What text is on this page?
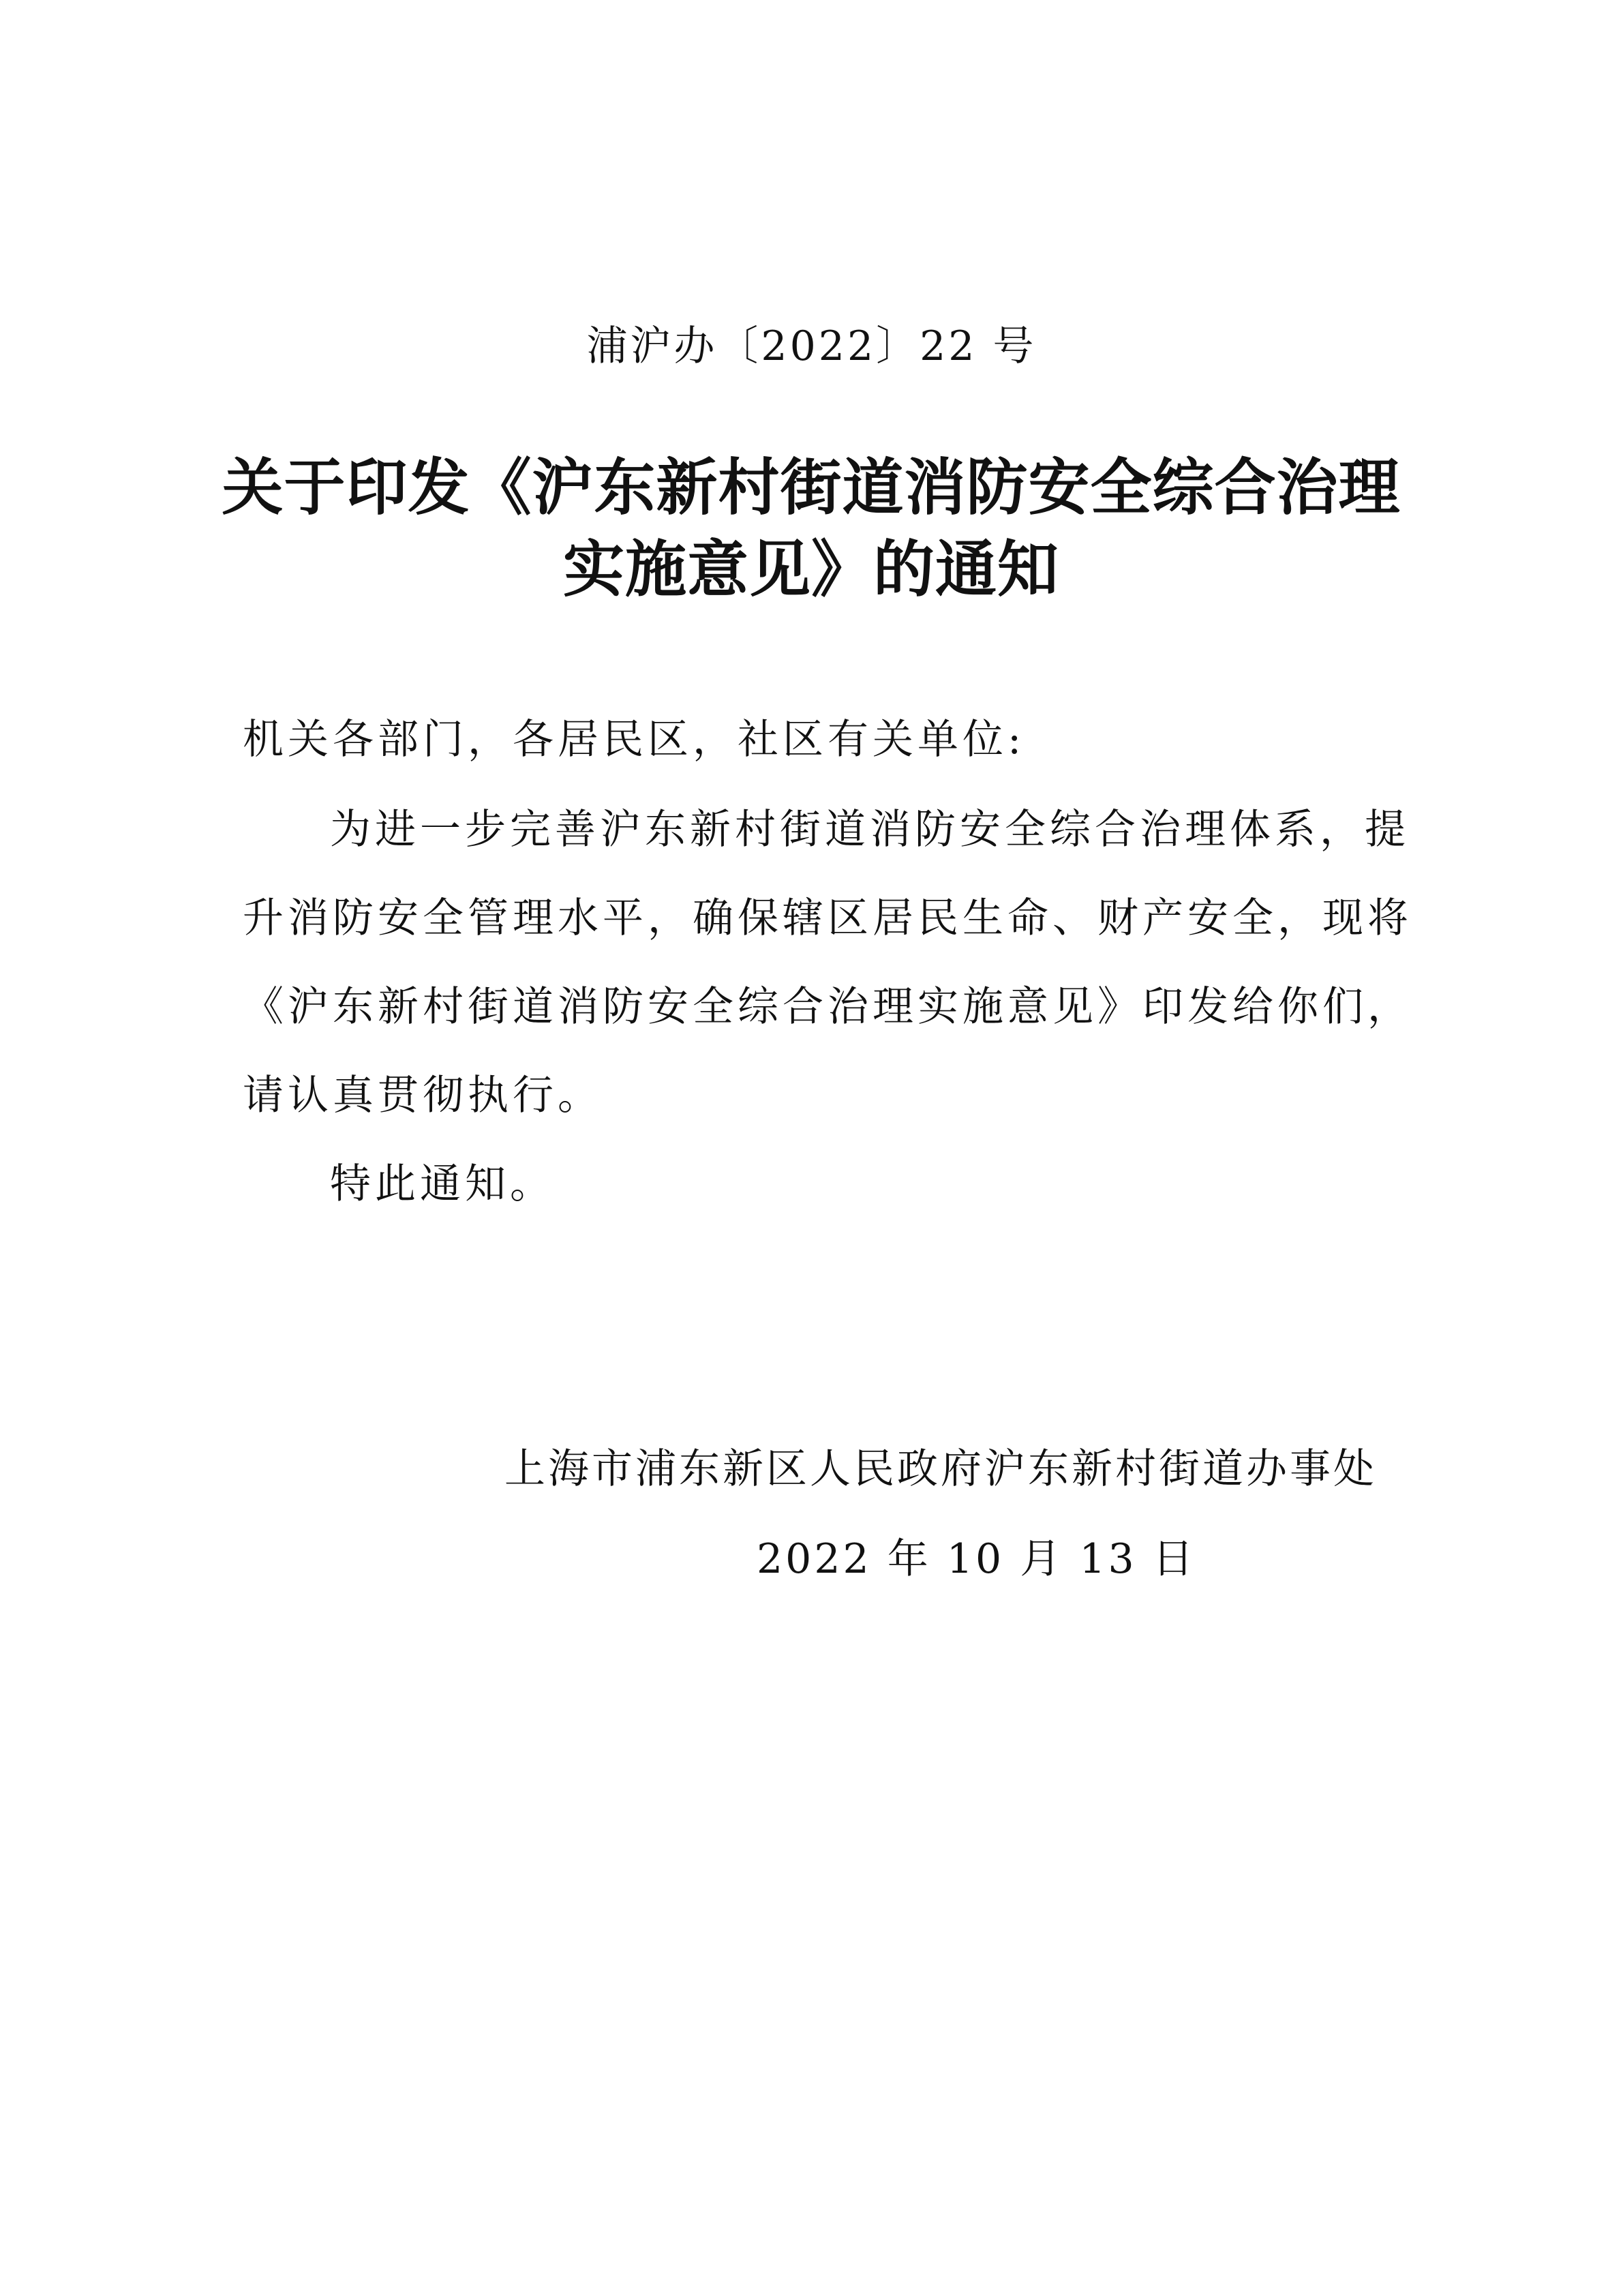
浦沪办〔2022〕22 号
关于印发《沪东新村街道消防安全综合治理
实施意见》的通知
机关各部门，各居民区，社区有关单位:
为进一步完善沪东新村街道消防安全综合治理体系，提
升消防安全管理水平，确保辖区居民生命、财产安全，现将
《沪东新村街道消防安全综合治理实施意见》印发给你们，
请认真贯彻执行。
特此通知。
上海市浦东新区人民政府沪东新村街道办事处
2022 年 10 月 13 日
